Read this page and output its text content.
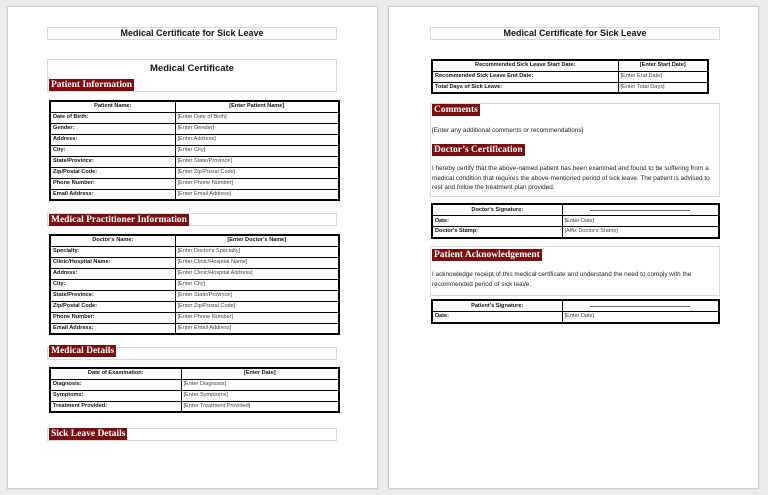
Medical Certificate for Sick Leave
Medical Certificate
Patient Information
Patient Name:	[Enter Patient Name]
Date of Birth:	[Enter Date of Birth]
Gender:	[Enter Gender]
Address:	[Enter Address]
City:	[Enter City]
State/Province:	[Enter State/Province]
Zip/Postal Code:	[Enter Zip/Postal Code]
Phone Number:	[Enter Phone Number]
Email Address:	[Enter Email Address]
Medical Practitioner Information
Doctor's Name:	[Enter Doctor's Name]
Specialty:	[Enter Doctor's Specialty]
Clinic/Hospital Name:	[Enter Clinic/Hospital Name]
Address:	[Enter Clinic/Hospital Address]
City:	[Enter City]
State/Province:	[Enter State/Province]
Zip/Postal Code:	[Enter Zip/Postal Code]
Phone Number:	[Enter Phone Number]
Email Address:	[Enter Email Address]
Medical Details
Date of Examination:	[Enter Date]
Diagnosis:	[Enter Diagnosis]
Symptoms:	[Enter Symptoms]
Treatment Provided:	[Enter Treatment Provided]
Sick Leave Details
Medical Certificate for Sick Leave
Recommended Sick Leave Start Date:	[Enter Start Date]
Recommended Sick Leave End Date:	[Enter End Date]
Total Days of Sick Leave:	[Enter Total Days]
Comments
[Enter any additional comments or recommendations]
Doctor’s Certification
I hereby certify that the above-named patient has been examined and found to be suffering from a medical condition that requires the above-mentioned period of sick leave. The patient is advised to rest and follow the treatment plan provided.
Doctor's Signature:	
Date:	[Enter Date]
Doctor's Stamp:	[Affix Doctor's Stamp]
Patient Acknowledgement
I acknowledge receipt of this medical certificate and understand the need to comply with the recommended period of sick leave.
Patient's Signature:	
Date:	[Enter Date]
